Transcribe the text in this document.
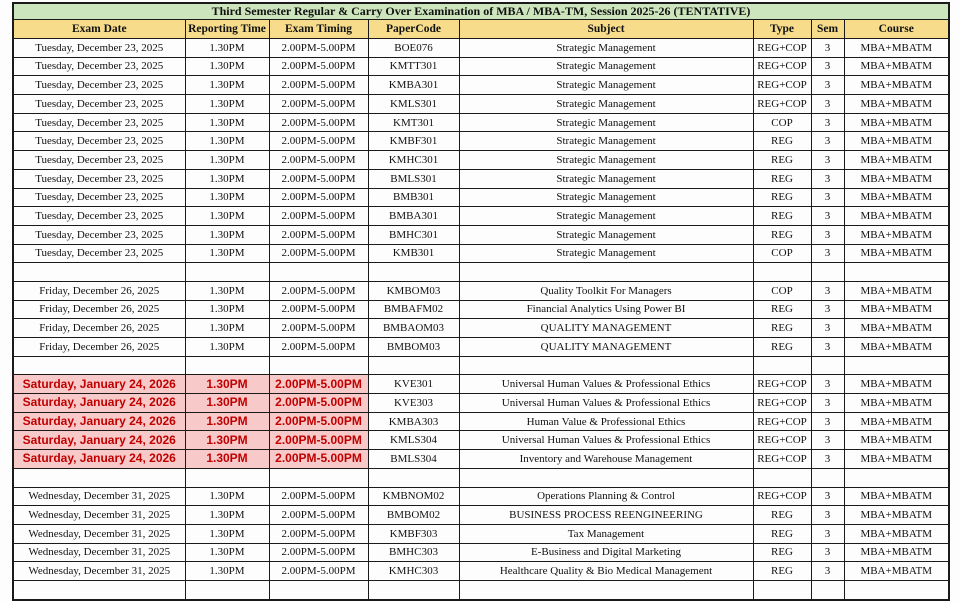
Third Semester Regular & Carry Over Examination of MBA / MBA-TM, Session 2025-26 (TENTATIVE)							
Exam Date	Reporting Time	Exam Timing	PaperCode	Subject	Type	Sem	Course
Tuesday, December 23, 2025	1.30PM	2.00PM-5.00PM	BOE076	Strategic Management	REG+COP	3	MBA+MBATM
Tuesday, December 23, 2025	1.30PM	2.00PM-5.00PM	KMTT301	Strategic Management	REG+COP	3	MBA+MBATM
Tuesday, December 23, 2025	1.30PM	2.00PM-5.00PM	KMBA301	Strategic Management	REG+COP	3	MBA+MBATM
Tuesday, December 23, 2025	1.30PM	2.00PM-5.00PM	KMLS301	Strategic Management	REG+COP	3	MBA+MBATM
Tuesday, December 23, 2025	1.30PM	2.00PM-5.00PM	KMT301	Strategic Management	COP	3	MBA+MBATM
Tuesday, December 23, 2025	1.30PM	2.00PM-5.00PM	KMBF301	Strategic Management	REG	3	MBA+MBATM
Tuesday, December 23, 2025	1.30PM	2.00PM-5.00PM	KMHC301	Strategic Management	REG	3	MBA+MBATM
Tuesday, December 23, 2025	1.30PM	2.00PM-5.00PM	BMLS301	Strategic Management	REG	3	MBA+MBATM
Tuesday, December 23, 2025	1.30PM	2.00PM-5.00PM	BMB301	Strategic Management	REG	3	MBA+MBATM
Tuesday, December 23, 2025	1.30PM	2.00PM-5.00PM	BMBA301	Strategic Management	REG	3	MBA+MBATM
Tuesday, December 23, 2025	1.30PM	2.00PM-5.00PM	BMHC301	Strategic Management	REG	3	MBA+MBATM
Tuesday, December 23, 2025	1.30PM	2.00PM-5.00PM	KMB301	Strategic Management	COP	3	MBA+MBATM

Friday, December 26, 2025	1.30PM	2.00PM-5.00PM	KMBOM03	Quality Toolkit For Managers	COP	3	MBA+MBATM
Friday, December 26, 2025	1.30PM	2.00PM-5.00PM	BMBAFM02	Financial Analytics Using Power BI	REG	3	MBA+MBATM
Friday, December 26, 2025	1.30PM	2.00PM-5.00PM	BMBAOM03	QUALITY MANAGEMENT	REG	3	MBA+MBATM
Friday, December 26, 2025	1.30PM	2.00PM-5.00PM	BMBOM03	QUALITY MANAGEMENT	REG	3	MBA+MBATM

Saturday, January 24, 2026	1.30PM	2.00PM-5.00PM	KVE301	Universal Human Values & Professional Ethics	REG+COP	3	MBA+MBATM
Saturday, January 24, 2026	1.30PM	2.00PM-5.00PM	KVE303	Universal Human Values & Professional Ethics	REG+COP	3	MBA+MBATM
Saturday, January 24, 2026	1.30PM	2.00PM-5.00PM	KMBA303	Human Value & Professional Ethics	REG+COP	3	MBA+MBATM
Saturday, January 24, 2026	1.30PM	2.00PM-5.00PM	KMLS304	Universal Human Values & Professional Ethics	REG+COP	3	MBA+MBATM
Saturday, January 24, 2026	1.30PM	2.00PM-5.00PM	BMLS304	Inventory and Warehouse Management	REG+COP	3	MBA+MBATM

Wednesday, December 31, 2025	1.30PM	2.00PM-5.00PM	KMBNOM02	Operations Planning & Control	REG+COP	3	MBA+MBATM
Wednesday, December 31, 2025	1.30PM	2.00PM-5.00PM	BMBOM02	BUSINESS PROCESS REENGINEERING	REG	3	MBA+MBATM
Wednesday, December 31, 2025	1.30PM	2.00PM-5.00PM	KMBF303	Tax Management	REG	3	MBA+MBATM
Wednesday, December 31, 2025	1.30PM	2.00PM-5.00PM	BMHC303	E-Business and Digital Marketing	REG	3	MBA+MBATM
Wednesday, December 31, 2025	1.30PM	2.00PM-5.00PM	KMHC303	Healthcare Quality & Bio Medical Management	REG	3	MBA+MBATM
